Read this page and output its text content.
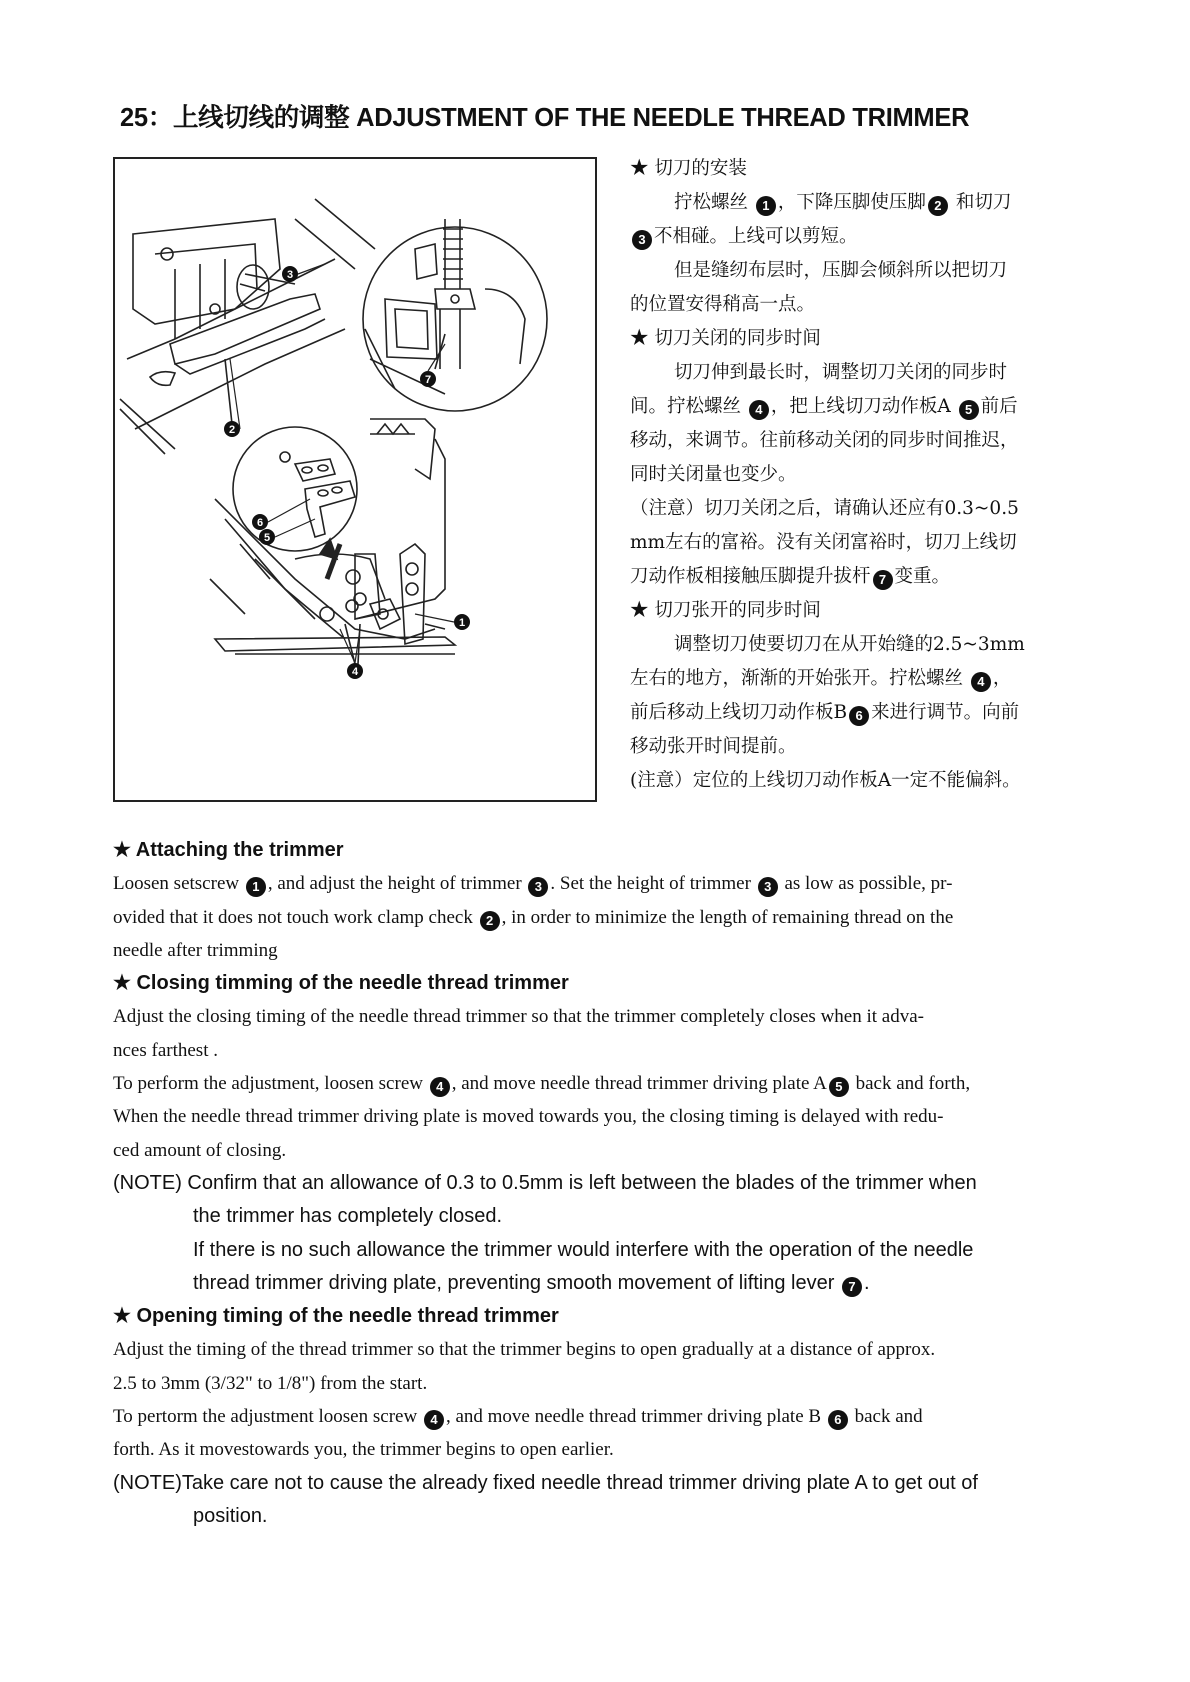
25：上线切线的调整 ADJUSTMENT OF THE NEEDLE THREAD TRIMMER
3
2
7
1
4
6
5

★ 切刀的安装

拧松螺丝 1 ，下降压脚使压脚 2 和切刀

3 不相碰。上线可以剪短。

但是缝纫布层时，压脚会倾斜所以把切刀

的位置安得稍高一点。

★ 切刀关闭的同步时间

切刀伸到最长时，调整切刀关闭的同步时

间。拧松螺丝 4 ，把上线切刀动作板A 5 前后

移动，来调节。往前移动关闭的同步时间推迟，

同时关闭量也变少。

（注意）切刀关闭之后，请确认还应有0.3~0.5

mm左右的富裕。没有关闭富裕时，切刀上线切

刀动作板相接触压脚提升拔杆 7 变重。

★ 切刀张开的同步时间

调整切刀使要切刀在从开始缝的2.5~3mm

左右的地方，渐渐的开始张开。拧松螺丝 4 ，

前后移动上线切刀动作板B 6 来进行调节。向前

移动张开时间提前。

(注意）定位的上线切刀动作板A一定不能偏斜。

★ Attaching the trimmer

Loosen setscrew 1 , and adjust the height of trimmer 3 . Set the height of trimmer 3 as low as possible, pr-

ovided that it does not touch work clamp check 2 , in order to minimize the length of remaining thread on the

needle after trimming

★ Closing timming of the needle thread trimmer

Adjust the closing timing of the needle thread trimmer so that the trimmer completely closes when it adva-

nces farthest .

To perform the adjustment, loosen screw 4 , and move needle thread trimmer driving plate A 5 back and forth,

When the needle thread trimmer driving plate is moved towards you, the closing timing is delayed with redu-

ced amount of closing.

(NOTE) Confirm that an allowance of 0.3 to 0.5mm is left between the blades of the trimmer when

the trimmer has completely closed.

If there is no such allowance the trimmer would interfere with the operation of the needle

thread trimmer driving plate, preventing smooth movement of lifting lever 7 .

★ Opening timing of the needle thread trimmer

Adjust the timing of the thread trimmer so that the trimmer begins to open gradually at a distance of approx.

2.5 to 3mm (3/32" to 1/8") from the start.

To pertorm the adjustment loosen screw 4 , and move needle thread trimmer driving plate B 6 back and

forth. As it movestowards you, the trimmer begins to open earlier.

(NOTE)Take care not to cause the already fixed needle thread trimmer driving plate A to get out of

position.
